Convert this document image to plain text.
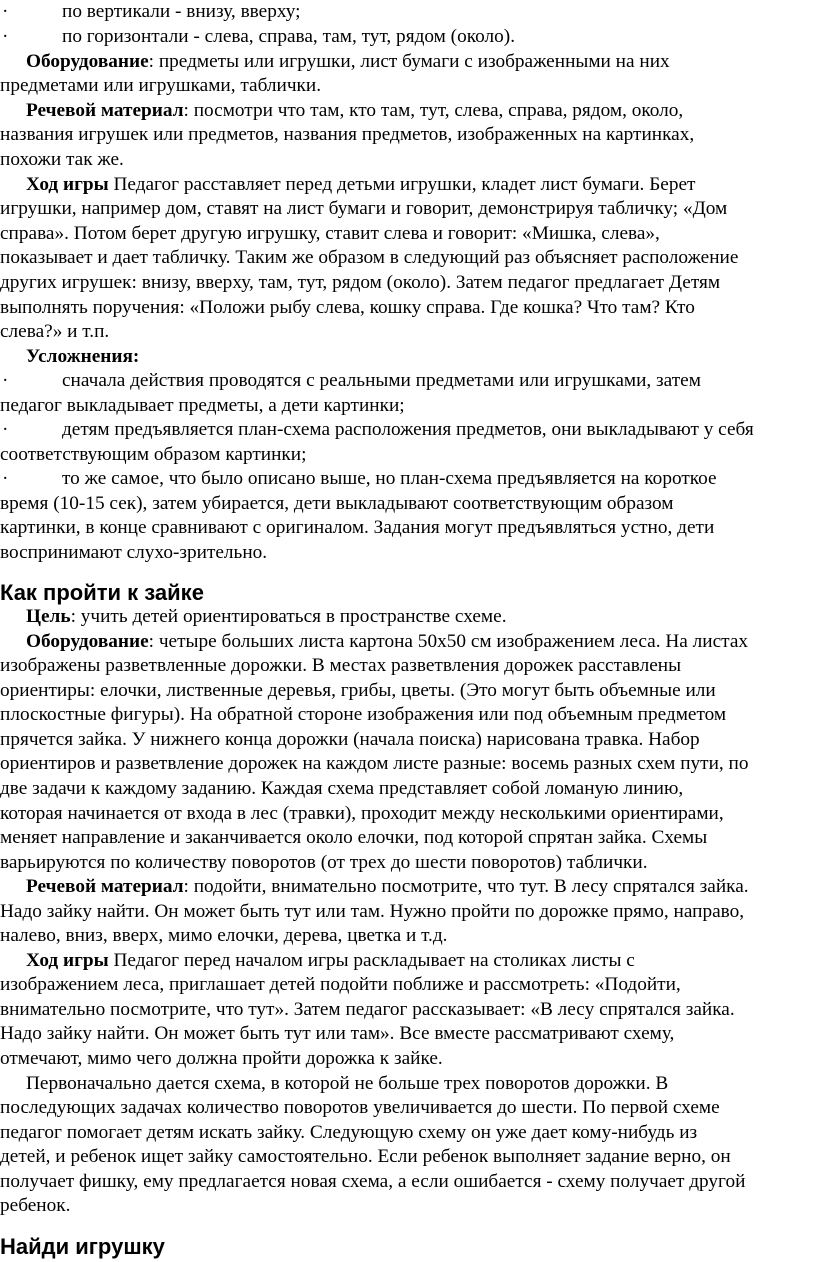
·	по вертикали - внизу, вверху;
·	по горизонтали - слева, справа, там, тут, рядом (около).
Оборудование: предметы или игрушки, лист бумаги с изображенными на них
предметами или игрушками, таблички.
Речевой материал: посмотри что там, кто там, тут, слева, справа, рядом, около,
названия игрушек или предметов, названия предметов, изображенных на картинках,
похожи так же.
Ход игры Педагог расставляет перед детьми игрушки, кладет лист бумаги. Берет
игрушки, например дом, ставят на лист бумаги и говорит, демонстрируя табличку; «Дом
справа». Потом берет другую игрушку, ставит слева и говорит: «Мишка, слева»,
показывает и дает табличку. Таким же образом в следующий раз объясняет расположение
других игрушек: внизу, вверху, там, тут, рядом (около). Затем педагог предлагает Детям
выполнять поручения: «Положи рыбу слева, кошку справа. Где кошка? Что там? Кто
слева?» и т.п.
Усложнения:
·	сначала действия проводятся с реальными предметами или игрушками, затем
педагог выкладывает предметы, а дети картинки;
·	детям предъявляется план-схема расположения предметов, они выкладывают у себя
соответствующим образом картинки;
·	то же самое, что было описано выше, но план-схема предъявляется на короткое
время (10-15 сек), затем убирается, дети выкладывают соответствующим образом
картинки, в конце сравнивают с оригиналом. Задания могут предъявляться устно, дети
воспринимают слухо-зрительно.
Как пройти к зайке
Цель: учить детей ориентироваться в пространстве схеме.
Оборудование: четыре больших листа картона 50х50 см изображением леса. На листах
изображены разветвленные дорожки. В местах разветвления дорожек расставлены
ориентиры: елочки, лиственные деревья, грибы, цветы. (Это могут быть объемные или
плоскостные фигуры). На обратной стороне изображения или под объемным предметом
прячется зайка. У нижнего конца дорожки (начала поиска) нарисована травка. Набор
ориентиров и разветвление дорожек на каждом листе разные: восемь разных схем пути, по
две задачи к каждому заданию. Каждая схема представляет собой ломаную линию,
которая начинается от входа в лес (травки), проходит между несколькими ориентирами,
меняет направление и заканчивается около елочки, под которой спрятан зайка. Схемы
варьируются по количеству поворотов (от трех до шести поворотов) таблички.
Речевой материал: подойти, внимательно посмотрите, что тут. В лесу спрятался зайка.
Надо зайку найти. Он может быть тут или там. Нужно пройти по дорожке прямо, направо,
налево, вниз, вверх, мимо елочки, дерева, цветка и т.д.
Ход игры Педагог перед началом игры раскладывает на столиках листы с
изображением леса, приглашает детей подойти поближе и рассмотреть: «Подойти,
внимательно посмотрите, что тут». Затем педагог рассказывает: «В лесу спрятался зайка.
Надо зайку найти. Он может быть тут или там». Все вместе рассматривают схему,
отмечают, мимо чего должна пройти дорожка к зайке.
Первоначально дается схема, в которой не больше трех поворотов дорожки. В
последующих задачах количество поворотов увеличивается до шести. По первой схеме
педагог помогает детям искать зайку. Следующую схему он уже дает кому-нибудь из
детей, и ребенок ищет зайку самостоятельно. Если ребенок выполняет задание верно, он
получает фишку, ему предлагается новая схема, а если ошибается - схему получает другой
ребенок.
Найди игрушку
